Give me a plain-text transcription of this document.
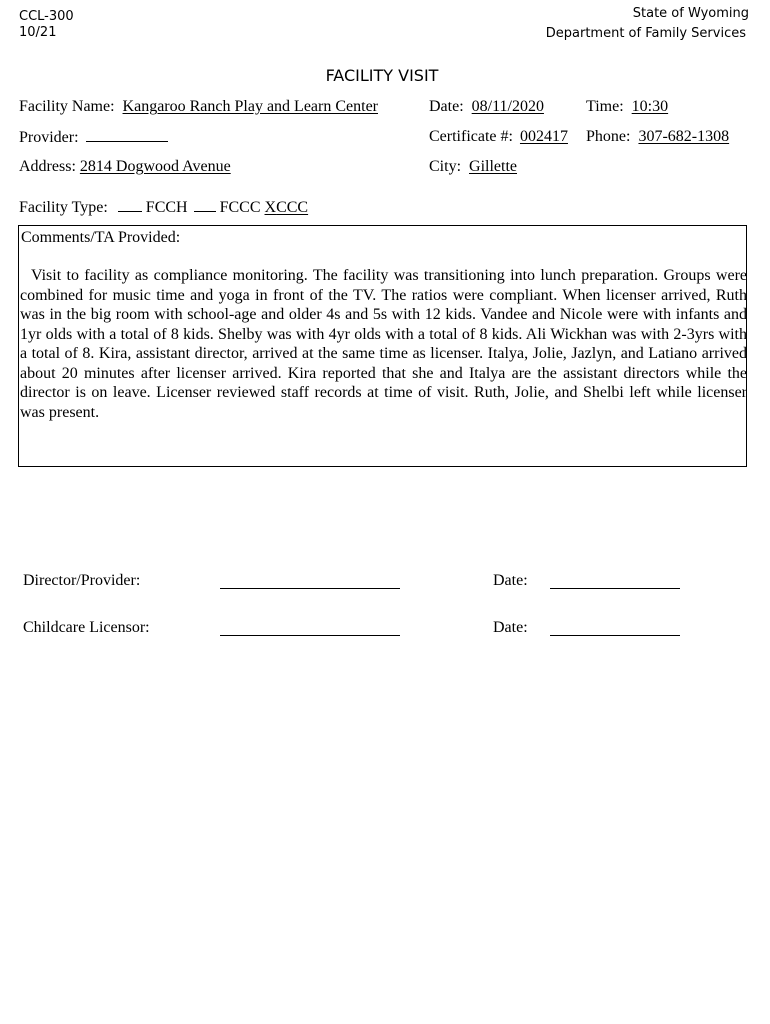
CCL-300
10/21
State of Wyoming
Department of Family Services
FACILITY VISIT
Facility Name: Kangaroo Ranch Play and Learn Center	Date: 08/11/2020	Time: 10:30
Provider:	Certificate #: 002417 Phone: 307-682-1308
Address: 2814 Dogwood Avenue	City: Gillette
Facility Type: FCCH FCCC XCCC
Comments/TA Provided:
Visit to facility as compliance monitoring. The facility was transitioning into lunch preparation. Groups were combined for music time and yoga in front of the TV. The ratios were compliant. When licenser arrived, Ruth was in the big room with school-age and older 4s and 5s with 12 kids. Vandee and Nicole were with infants and 1yr olds with a total of 8 kids. Shelby was with 4yr olds with a total of 8 kids. Ali Wickhan was with 2-3yrs with a total of 8. Kira, assistant director, arrived at the same time as licenser. Italya, Jolie, Jazlyn, and Latiano arrived about 20 minutes after licenser arrived. Kira reported that she and Italya are the assistant directors while the director is on leave. Licenser reviewed staff records at time of visit. Ruth, Jolie, and Shelbi left while licenser was present.
Director/Provider:	Date:
Childcare Licensor:	Date:
